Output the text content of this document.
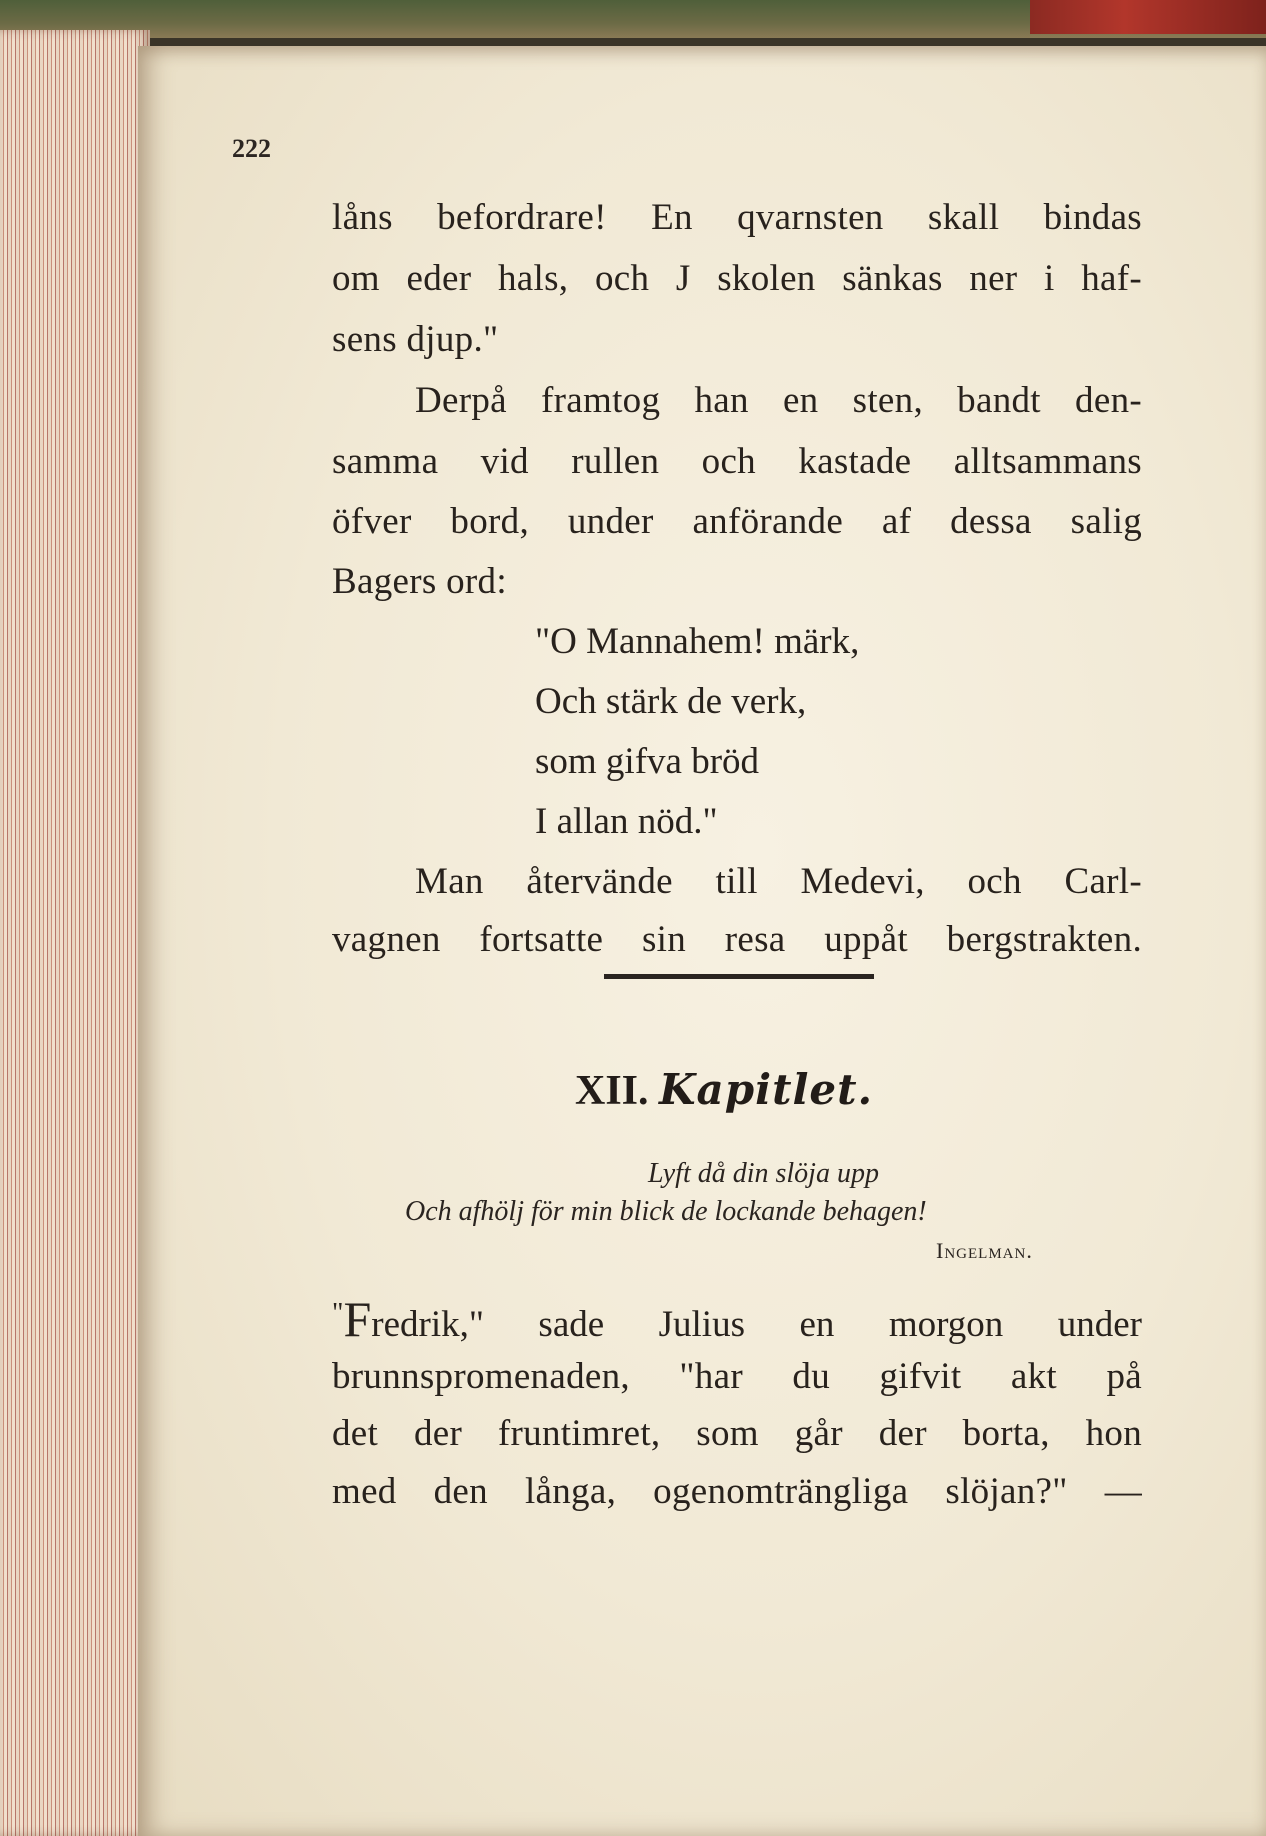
222
låns befordrare! En qvarnsten skall bindas
om eder hals, och J skolen sänkas ner i haf-
sens djup."
Derpå framtog han en sten, bandt den-
samma vid rullen och kastade alltsammans
öfver bord, under anförande af dessa salig
Bagers ord:
"O Mannahem! märk,
Och stärk de verk,
som gifva bröd
I allan nöd."
Man återvände till Medevi, och Carl-
vagnen fortsatte sin resa uppåt bergstrakten.
XII. Kapitlet.
Lyft då din slöja upp
Och afhölj för min blick de lockande behagen!
Ingelman.
"Fredrik," sade Julius en morgon under
brunnspromenaden, "har du gifvit akt på
det der fruntimret, som går der borta, hon
med den långa, ogenomträngliga slöjan?" —
